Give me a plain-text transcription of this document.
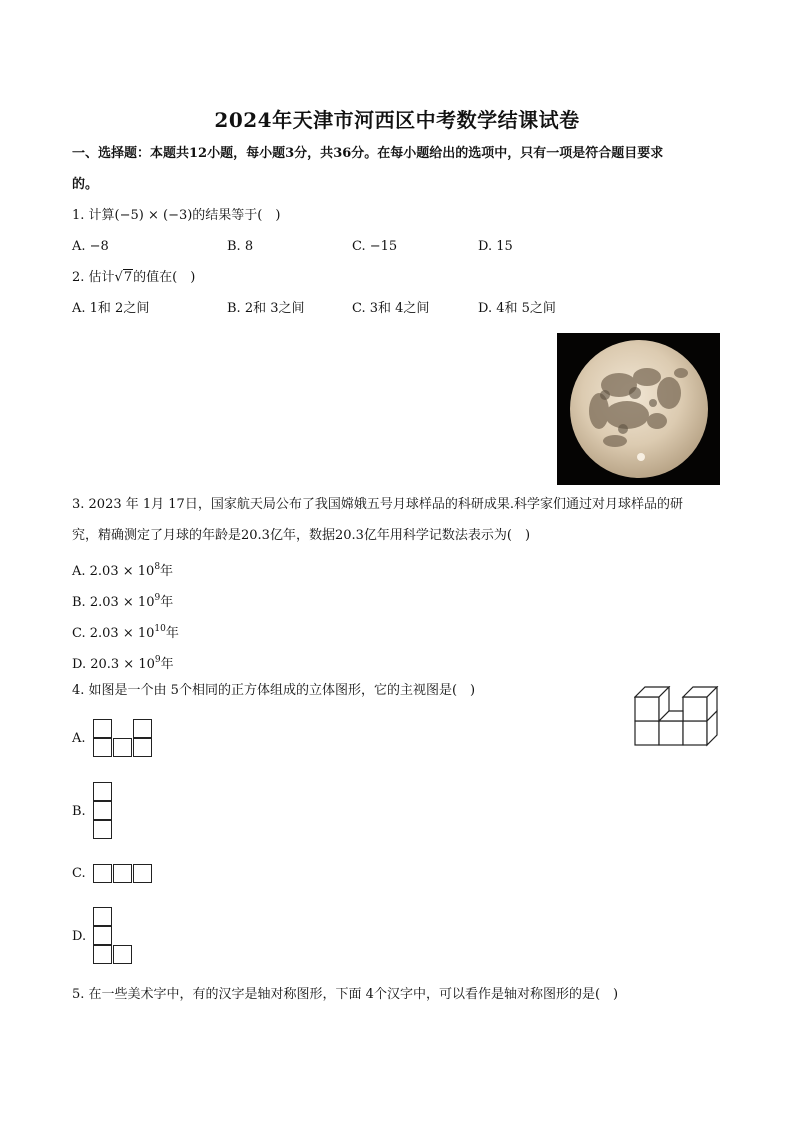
2024年天津市河西区中考数学结课试卷
一、选择题：本题共12小题，每小题3分，共36分。在每小题给出的选项中，只有一项是符合题目要求
的。
1. 计算(−5) × (−3)的结果等于(　)
A. −8	B. 8	C. −15	D. 15
2. 估计√7的值在(　)
A. 1和 2之间	B. 2和 3之间	C. 3和 4之间	D. 4和 5之间
3. 2023 年 1月 17日，国家航天局公布了我国嫦娥五号月球样品的科研成果.科学家们通过对月球样品的研
究，精确测定了月球的年龄是20.3亿年，数据20.3亿年用科学记数法表示为(　)
A. $2.03 \times 10^8$年
B. $2.03 \times 10^9$年
C. $2.03 \times 10^{10}$年
D. $20.3 \times 10^9$年
4. 如图是一个由 5个相同的正方体组成的立体图形，它的主视图是(　)
A.
B.
C.
D.
5. 在一些美术字中，有的汉字是轴对称图形，下面 4个汉字中，可以看作是轴对称图形的是(　)
